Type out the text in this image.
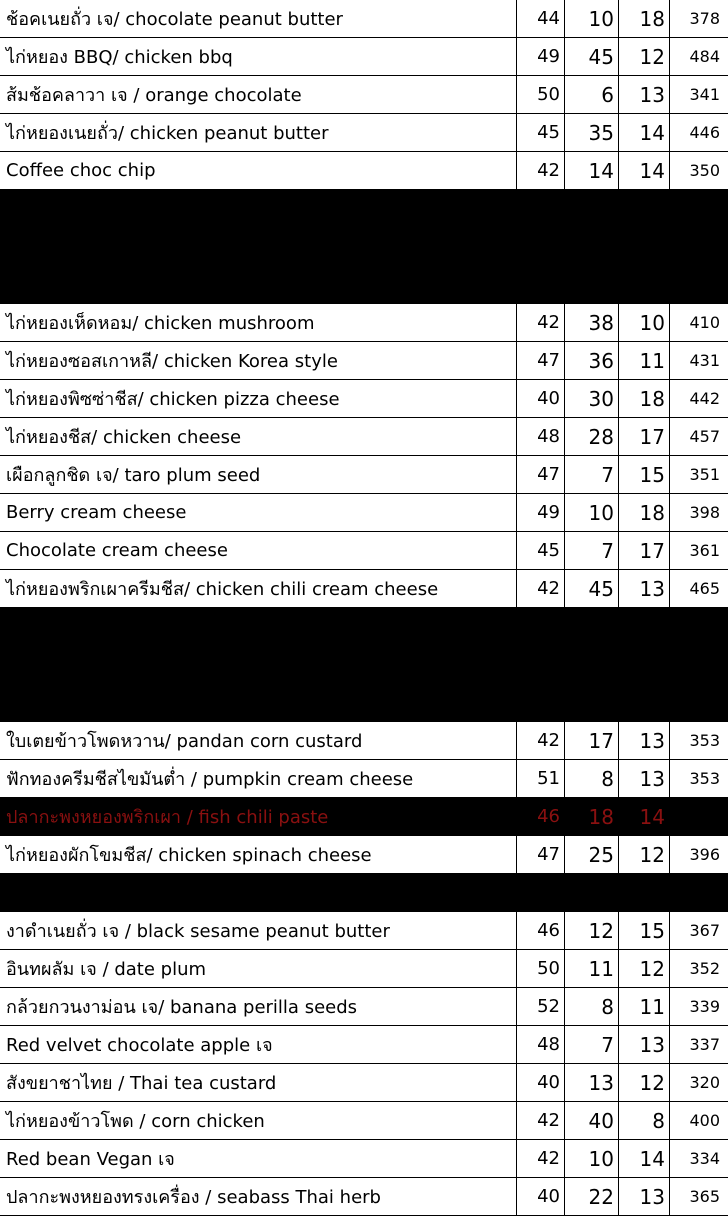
ช้อคเนยถั่ว เจ/ chocolate peanut butter	44	10	18	378
ไก่หยอง BBQ/ chicken bbq	49	45	12	484
ส้มช้อคลาวา เจ / orange chocolate	50	6	13	341
ไก่หยองเนยถั่ว/ chicken peanut butter	45	35	14	446
Coffee choc chip	42	14	14	350
ไก่หยองเห็ดหอม/ chicken mushroom	42	38	10	410
ไก่หยองซอสเกาหลี/ chicken Korea style	47	36	11	431
ไก่หยองพิซซ่าชีส/ chicken pizza cheese	40	30	18	442
ไก่หยองชีส/ chicken cheese	48	28	17	457
เผือกลูกชิด เจ/ taro plum seed	47	7	15	351
Berry cream cheese	49	10	18	398
Chocolate cream cheese	45	7	17	361
ไก่หยองพริกเผาครีมชีส/ chicken chili cream cheese	42	45	13	465
ใบเตยข้าวโพดหวาน/ pandan corn custard	42	17	13	353
ฟักทองครีมชีสไขมันต่ำ / pumpkin cream cheese	51	8	13	353
ปลากะพงหยองพริกเผา / fish chili paste	46	18	14
ไก่หยองผักโขมชีส/ chicken spinach cheese	47	25	12	396
งาดำเนยถั่ว เจ / black sesame peanut butter	46	12	15	367
อินทผลัม เจ / date plum	50	11	12	352
กล้วยกวนงาม่อน เจ/ banana perilla seeds	52	8	11	339
Red velvet chocolate apple เจ	48	7	13	337
สังขยาชาไทย / Thai tea custard	40	13	12	320
ไก่หยองข้าวโพด / corn chicken	42	40	8	400
Red bean Vegan เจ	42	10	14	334
ปลากะพงหยองทรงเครื่อง / seabass Thai herb	40	22	13	365
